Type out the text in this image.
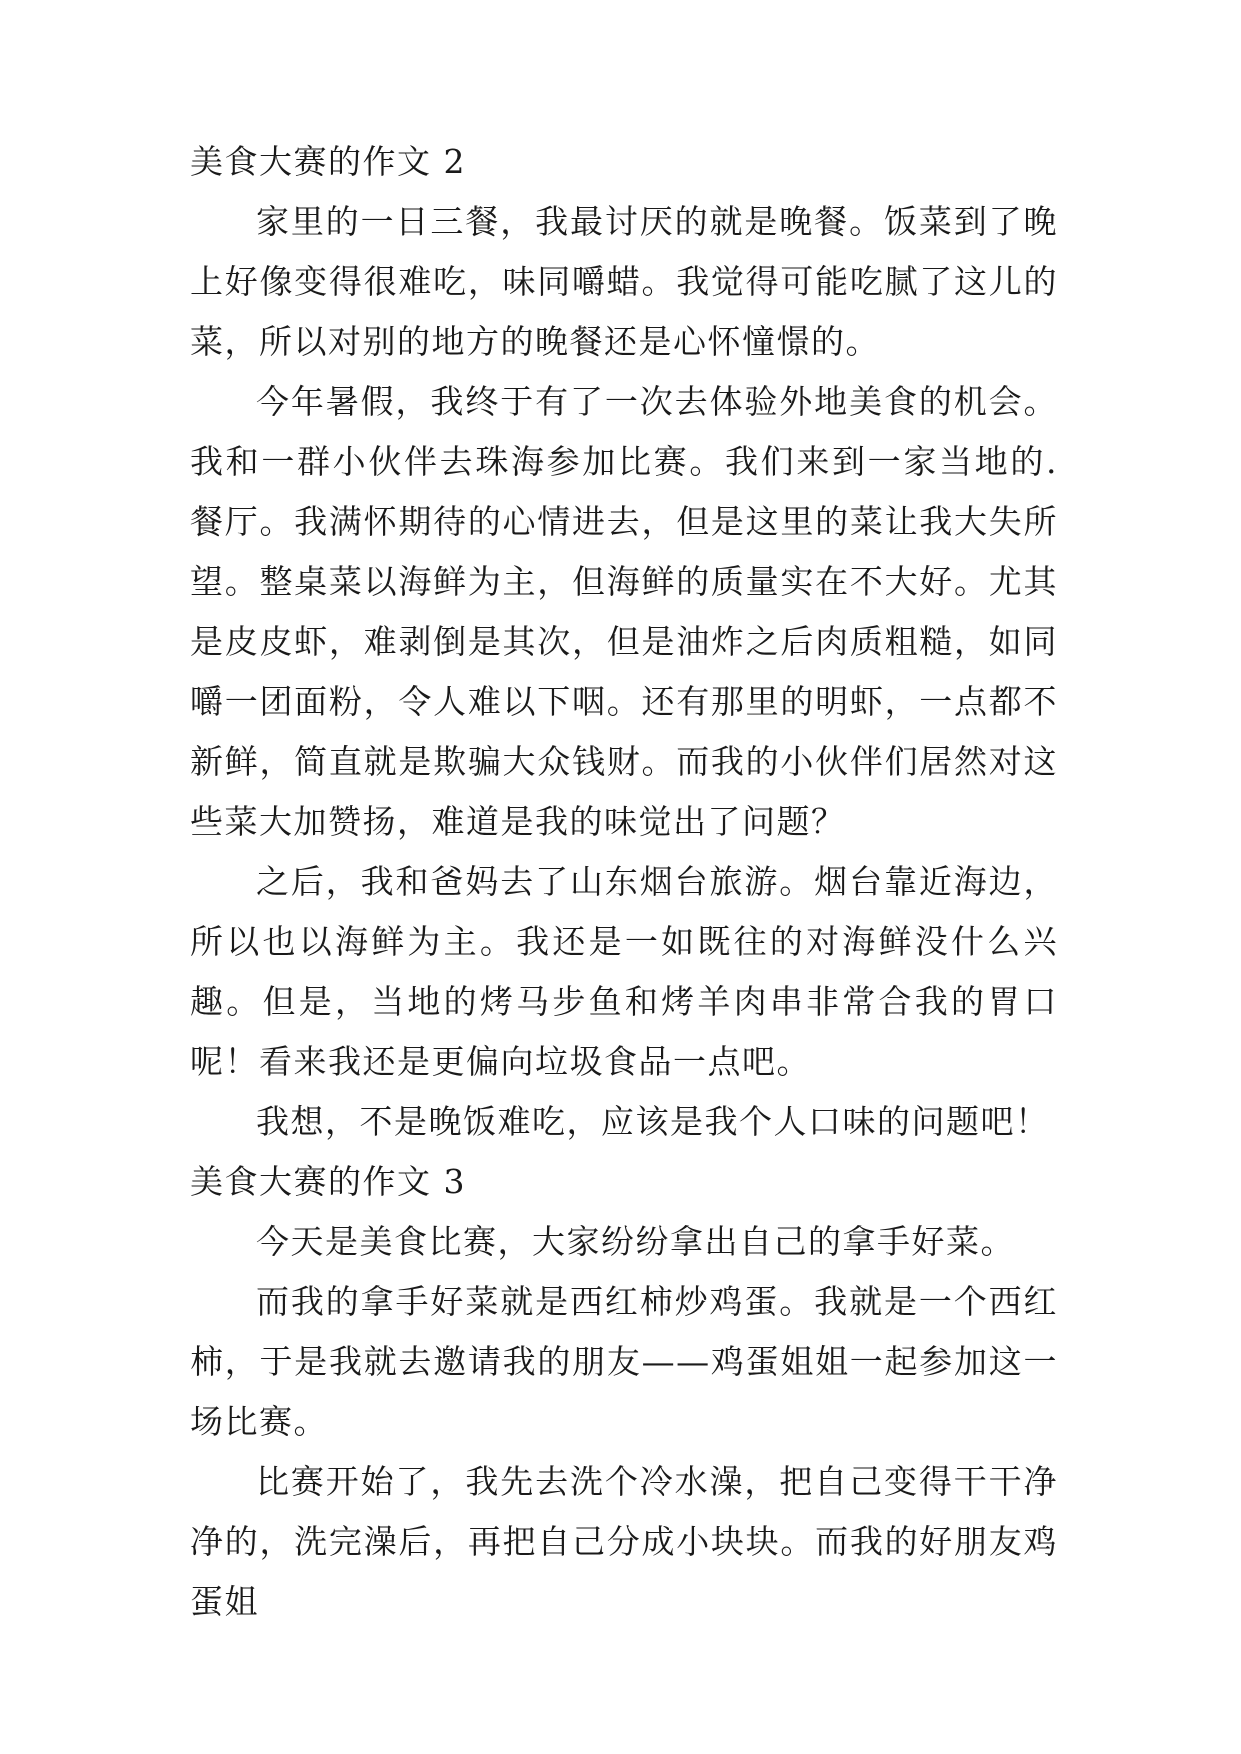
美食大赛的作文 2

家里的一日三餐，我最讨厌的就是晚餐。饭菜到了晚上好像变得很难吃，味同嚼蜡。我觉得可能吃腻了这儿的菜，所以对别的地方的晚餐还是心怀憧憬的。

今年暑假，我终于有了一次去体验外地美食的机会。我和一群小伙伴去珠海参加比赛。我们来到一家当地的.餐厅。我满怀期待的心情进去，但是这里的菜让我大失所望。整桌菜以海鲜为主，但海鲜的质量实在不大好。尤其是皮皮虾，难剥倒是其次，但是油炸之后肉质粗糙，如同嚼一团面粉，令人难以下咽。还有那里的明虾，一点都不新鲜，简直就是欺骗大众钱财。而我的小伙伴们居然对这些菜大加赞扬，难道是我的味觉出了问题？

之后，我和爸妈去了山东烟台旅游。烟台靠近海边，所以也以海鲜为主。我还是一如既往的对海鲜没什么兴趣。但是，当地的烤马步鱼和烤羊肉串非常合我的胃口呢！看来我还是更偏向垃圾食品一点吧。

我想，不是晚饭难吃，应该是我个人口味的问题吧！

美食大赛的作文 3

今天是美食比赛，大家纷纷拿出自己的拿手好菜。

而我的拿手好菜就是西红柿炒鸡蛋。我就是一个西红柿，于是我就去邀请我的朋友——鸡蛋姐姐一起参加这一场比赛。

比赛开始了，我先去洗个冷水澡，把自己变得干干净净的，洗完澡后，再把自己分成小块块。而我的好朋友鸡蛋姐
